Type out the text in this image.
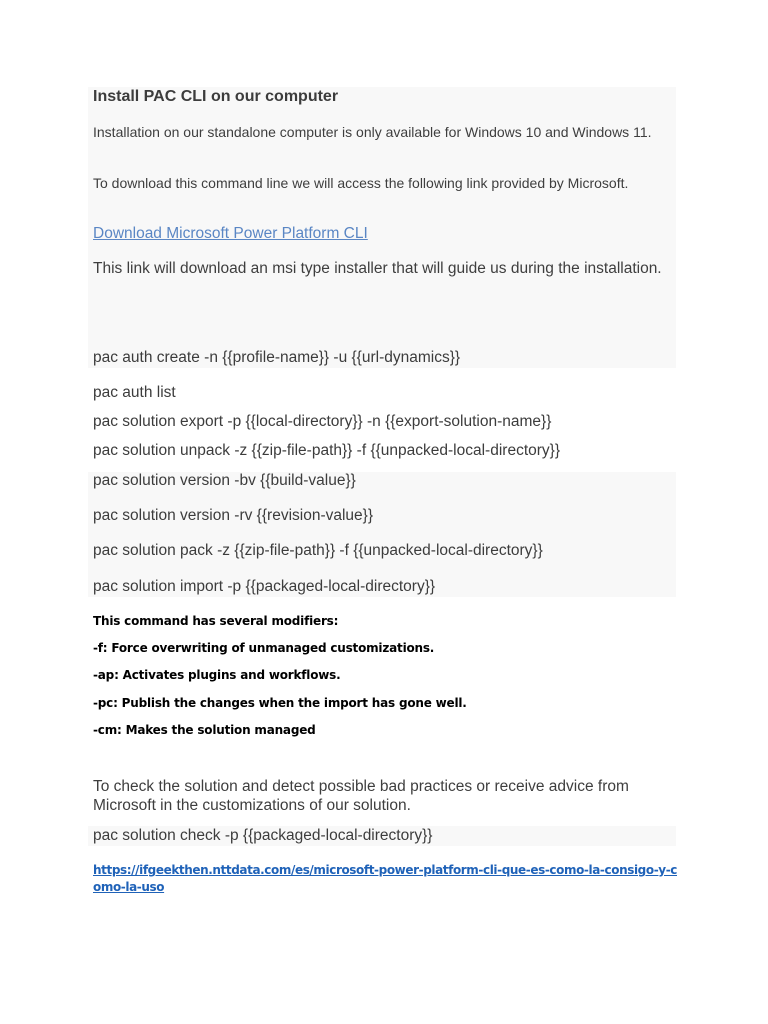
Install PAC CLI on our computer

Installation on our standalone computer is only available for Windows 10 and Windows 11.

To download this command line we will access the following link provided by Microsoft.

Download Microsoft Power Platform CLI

This link will download an msi type installer that will guide us during the installation.

pac auth create -n {{profile-name}} -u {{url-dynamics}}

pac auth list

pac solution export -p {{local-directory}} -n {{export-solution-name}}

pac solution unpack -z {{zip-file-path}} -f {{unpacked-local-directory}}

pac solution version -bv {{build-value}}

pac solution version -rv {{revision-value}}

pac solution pack -z {{zip-file-path}} -f {{unpacked-local-directory}}

pac solution import -p {{packaged-local-directory}}

This command has several modifiers:

-f: Force overwriting of unmanaged customizations.

-ap: Activates plugins and workflows.

-pc: Publish the changes when the import has gone well.

-cm: Makes the solution managed

To check the solution and detect possible bad practices or receive advice from Microsoft in the customizations of our solution.

pac solution check -p {{packaged-local-directory}}

https://ifgeekthen.nttdata.com/es/microsoft-power-platform-cli-que-es-como-la-consigo-y-como-la-uso
